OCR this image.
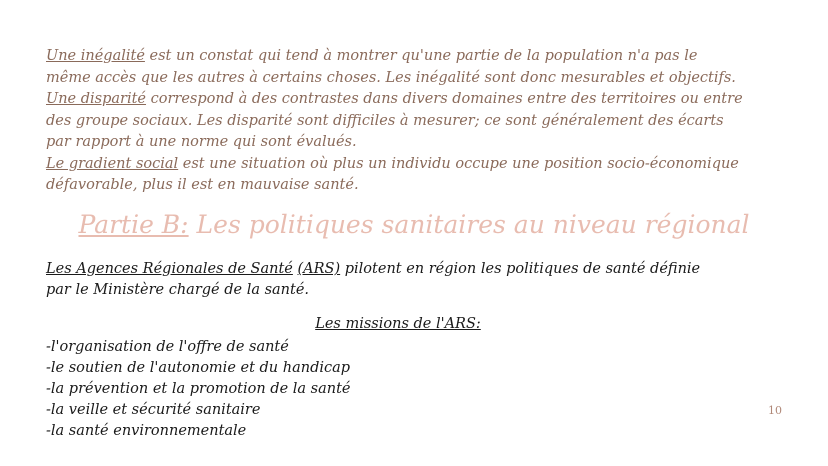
Une inégalité est un constat qui tend à montrer qu'une partie de la population n'a pas le même accès que les autres à certains choses. Les inégalité sont donc mesurables et objectifs.

Une disparité correspond à des contrastes dans divers domaines entre des territoires ou entre des groupe sociaux. Les disparité sont difficiles à mesurer; ce sont généralement des écarts par rapport à une norme qui sont évalués.

Le gradient social est une situation où plus un individu occupe une position socio-économique défavorable, plus il est en mauvaise santé.

Partie B: Les politiques sanitaires au niveau régional
Les Agences Régionales de Santé (ARS) pilotent en région les politiques de santé définie par le Ministère chargé de la santé.
Les missions de l'ARS:
-l'organisation de l'offre de santé
-le soutien de l'autonomie et du handicap
-la prévention et la promotion de la santé
-la veille et sécurité sanitaire
-la santé environnementale
10
